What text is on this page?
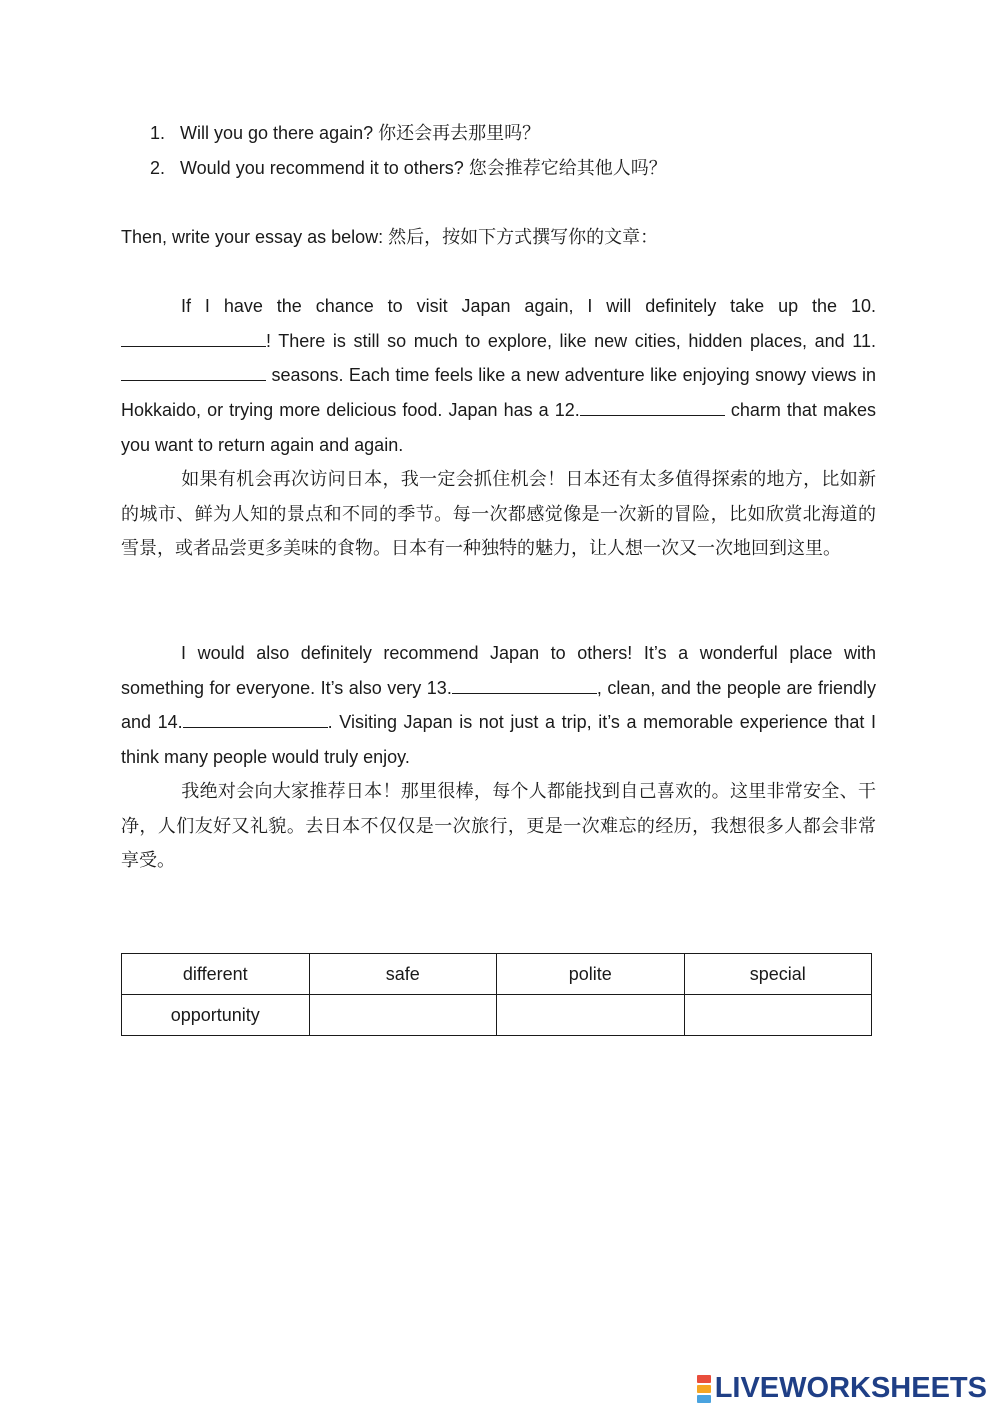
1. Will you go there again? 你还会再去那里吗？
2. Would you recommend it to others? 您会推荐它给其他人吗？
Then, write your essay as below: 然后，按如下方式撰写你的文章：
If I have the chance to visit Japan again, I will definitely take up the 10.! There is still so much to explore, like new cities, hidden places, and 11. seasons. Each time feels like a new adventure like enjoying snowy views in Hokkaido, or trying more delicious food. Japan has a 12.	charm that makes you want to return again and again.
如果有机会再次访问日本，我一定会抓住机会！日本还有太多值得探索的地方，比如新的城市、鲜为人知的景点和不同的季节。每一次都感觉像是一次新的冒险，比如欣赏北海道的雪景，或者品尝更多美味的食物。日本有一种独特的魅力，让人想一次又一次地回到这里。
I would also definitely recommend Japan to others! It’s a wonderful place with something for everyone. It’s also very 13.	, clean, and the people are friendly and 14.	. Visiting Japan is not just a trip, it’s a memorable experience that I think many people would truly enjoy.
我绝对会向大家推荐日本！那里很棒，每个人都能找到自己喜欢的。这里非常安全、干净，人们友好又礼貌。去日本不仅仅是一次旅行，更是一次难忘的经历，我想很多人都会非常享受。
different	safe	polite	special
opportunity			
LIVEWORKSHEETS
